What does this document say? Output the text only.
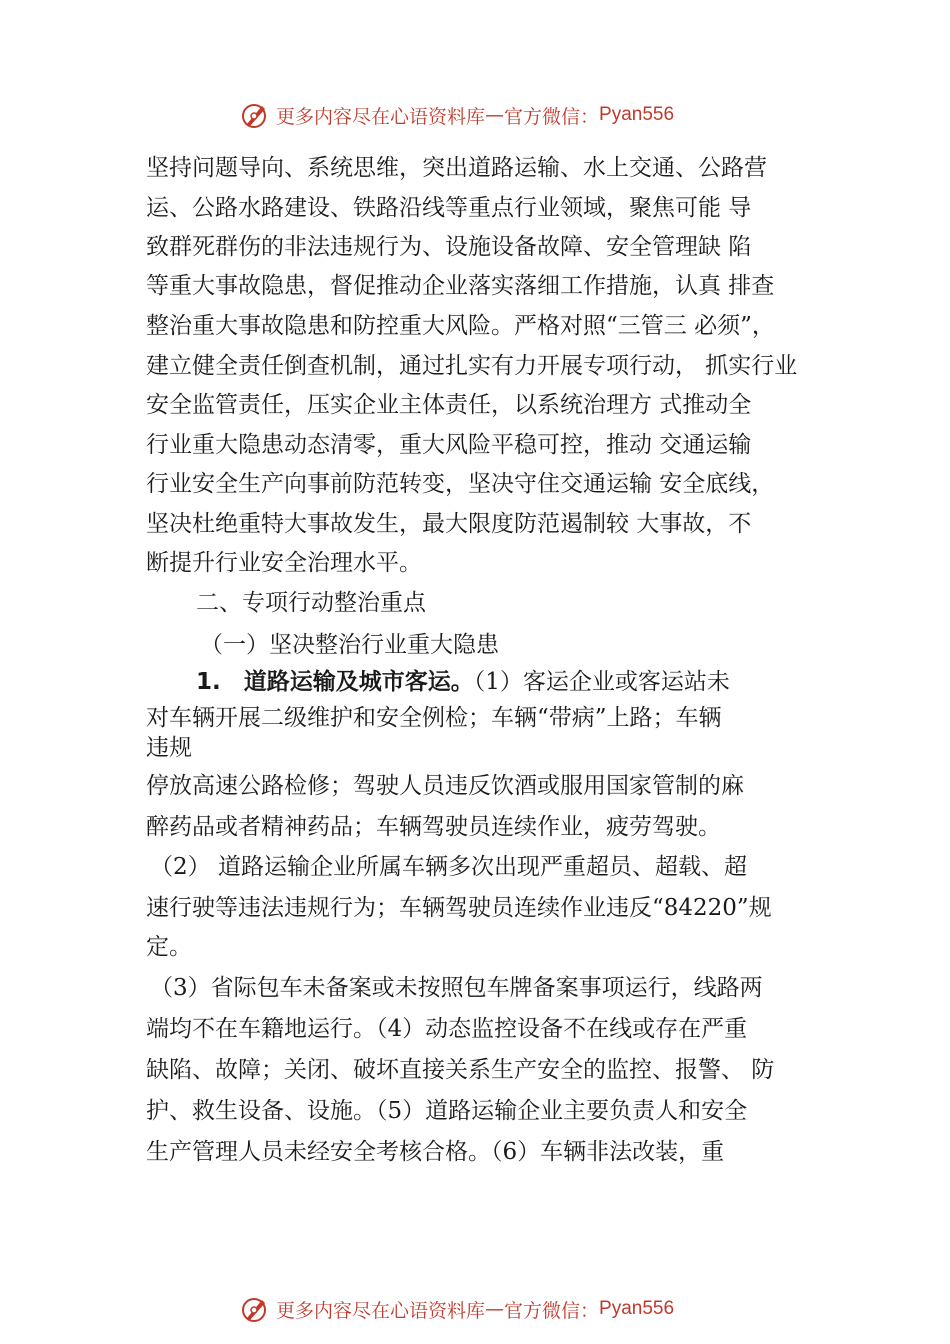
更多内容尽在心语资料库 — 官方微信： Pyan556
坚持问题导向、系统思维，突出道路运输、水上交通、公路营
运、公路水路建设、铁路沿线等重点行业领域，聚焦可能 导
致群死群伤的非法违规行为、设施设备故障、安全管理缺 陷
等重大事故隐患，督促推动企业落实落细工作措施，认真 排查
整治重大事故隐患和防控重大风险。严格对照“三管三 必须”，
建立健全责任倒查机制，通过扎实有力开展专项行动， 抓实行业
安全监管责任，压实企业主体责任，以系统治理方 式推动全
行业重大隐患动态清零，重大风险平稳可控，推动 交通运输
行业安全生产向事前防范转变，坚决守住交通运输 安全底线，
坚决杜绝重特大事故发生，最大限度防范遏制较 大事故，不
断提升行业安全治理水平。
二、专项行动整治重点
（一）坚决整治行业重大隐患
1.　道路运输及城市客运。（1）客运企业或客运站未
对车辆开展二级维护和安全例检；车辆“带病”上路；车辆
违规
停放高速公路检修；驾驶人员违反饮酒或服用国家管制的麻
醉药品或者精神药品；车辆驾驶员连续作业，疲劳驾驶。
（2） 道路运输企业所属车辆多次出现严重超员、超载、超
速行驶等违法违规行为；车辆驾驶员连续作业违反“84220”规
定。
（3）省际包车未备案或未按照包车牌备案事项运行，线路两
端均不在车籍地运行。（4）动态监控设备不在线或存在严重
缺陷、故障；关闭、破坏直接关系生产安全的监控、报警、 防
护、救生设备、设施。（5）道路运输企业主要负责人和安全
生产管理人员未经安全考核合格。（6）车辆非法改装，重
更多内容尽在心语资料库 — 官方微信： Pyan556
